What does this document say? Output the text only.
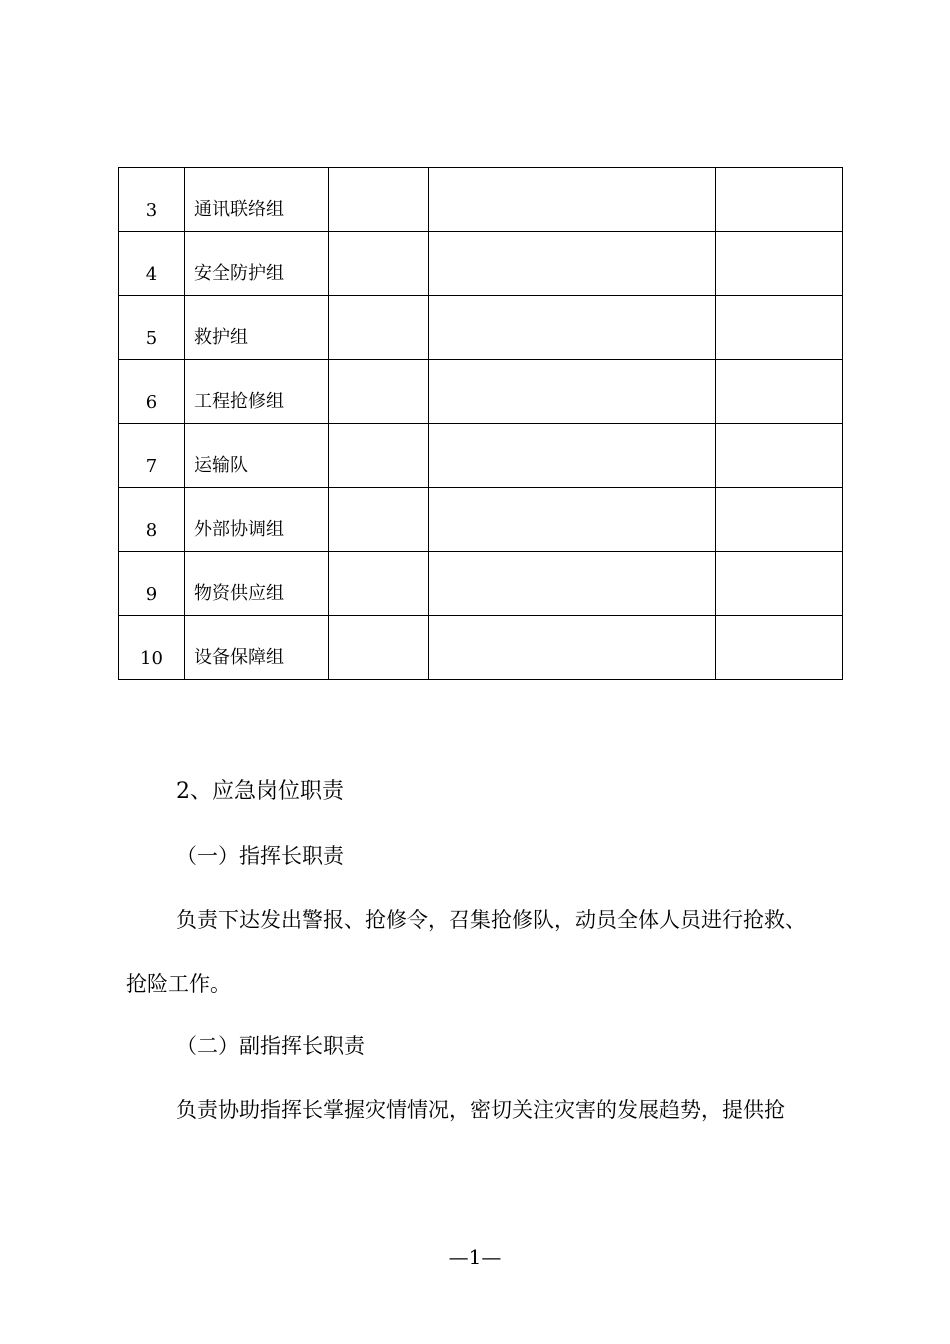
3	通讯联络组			

4	安全防护组			

5	救护组			

6	工程抢修组			

7	运输队			

8	外部协调组			

9	物资供应组			

10	设备保障组			

2、应急岗位职责
（一）指挥长职责
负责下达发出警报、抢修令，召集抢修队，动员全体人员进行抢救、
抢险工作。
（二）副指挥长职责
负责协助指挥长掌握灾情情况，密切关注灾害的发展趋势，提供抢
—1—
